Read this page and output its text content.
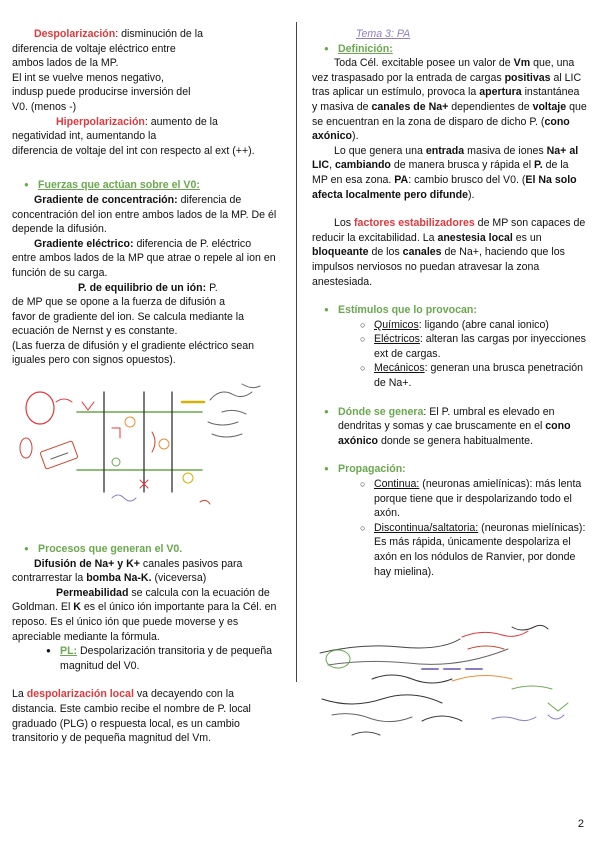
Despolarización: disminución de la

diferencia de voltaje eléctrico entre

ambos lados de la MP.

El int se vuelve menos negativo,

indusp puede producirse inversión del

V0. (menos -)

Hiperpolarización: aumento de la

negatividad int, aumentando la

diferencia de voltaje del int con respecto al ext (++).

● Fuerzas que actúan sobre el V0:

Gradiente de concentración: diferencia de concentración del ion entre ambos lados de la MP. De él depende la difusión.

Gradiente eléctrico: diferencia de P. eléctrico entre ambos lados de la MP que atrae o repele al ion en función de su carga.

P. de equilibrio de un ión: P.

de MP que se opone a la fuerza de difusión a

favor de gradiente del ion. Se calcula mediante la

ecuación de Nernst y es constante.

(Las fuerza de difusión y el gradiente eléctrico sean iguales pero con signos opuestos).

● Procesos que generan el V0.

Difusión de Na+ y K+ canales pasivos para contrarrestar la bomba Na-K. (viceversa)

Permeabilidad se calcula con la ecuación de Goldman. El K es el único ión importante para la Cél. en reposo. Es el único ión que puede moverse y es apreciable mediante la fórmula.

● PL: Despolarización transitoria y de pequeña magnitud del V0.

La despolarización local va decayendo con la distancia. Este cambio recibe el nombre de P. local graduado (PLG) o respuesta local, es un cambio transitorio y de pequeña magnitud del Vm.

Tema 3: PA

● Definición:

Toda Cél. excitable posee un valor de Vm que, una vez traspasado por la entrada de cargas positivas al LIC tras aplicar un estímulo, provoca la apertura instantánea y masiva de canales de Na+ dependientes de voltaje que se encuentran en la zona de disparo de dicho P. (cono axónico).

Lo que genera una entrada masiva de iones Na+ al LIC, cambiando de manera brusca y rápida el P. de la MP en esa zona. PA: cambio brusco del V0. (El Na solo afecta localmente pero difunde).

Los factores estabilizadores de MP son capaces de reducir la excitabilidad. La anestesia local es un bloqueante de los canales de Na+, haciendo que los impulsos nerviosos no puedan atravesar la zona anestesiada.

● Estímulos que lo provocan:
○ Químicos: ligando (abre canal ionico)
○ Eléctricos: alteran las cargas por inyecciones ext de cargas.
○ Mecánicos: generan una brusca penetración de Na+.
● Dónde se genera: El P. umbral es elevado en dendritas y somas y cae bruscamente en el cono axónico donde se genera habitualmente.
● Propagación:
○ Continua: (neuronas amielínicas): más lenta porque tiene que ir despolarizando todo el axón.
○ Discontinua/saltatoria: (neuronas mielínicas): Es más rápida, únicamente despolariza el axón en los nódulos de Ranvier, por donde hay mielina).
2
